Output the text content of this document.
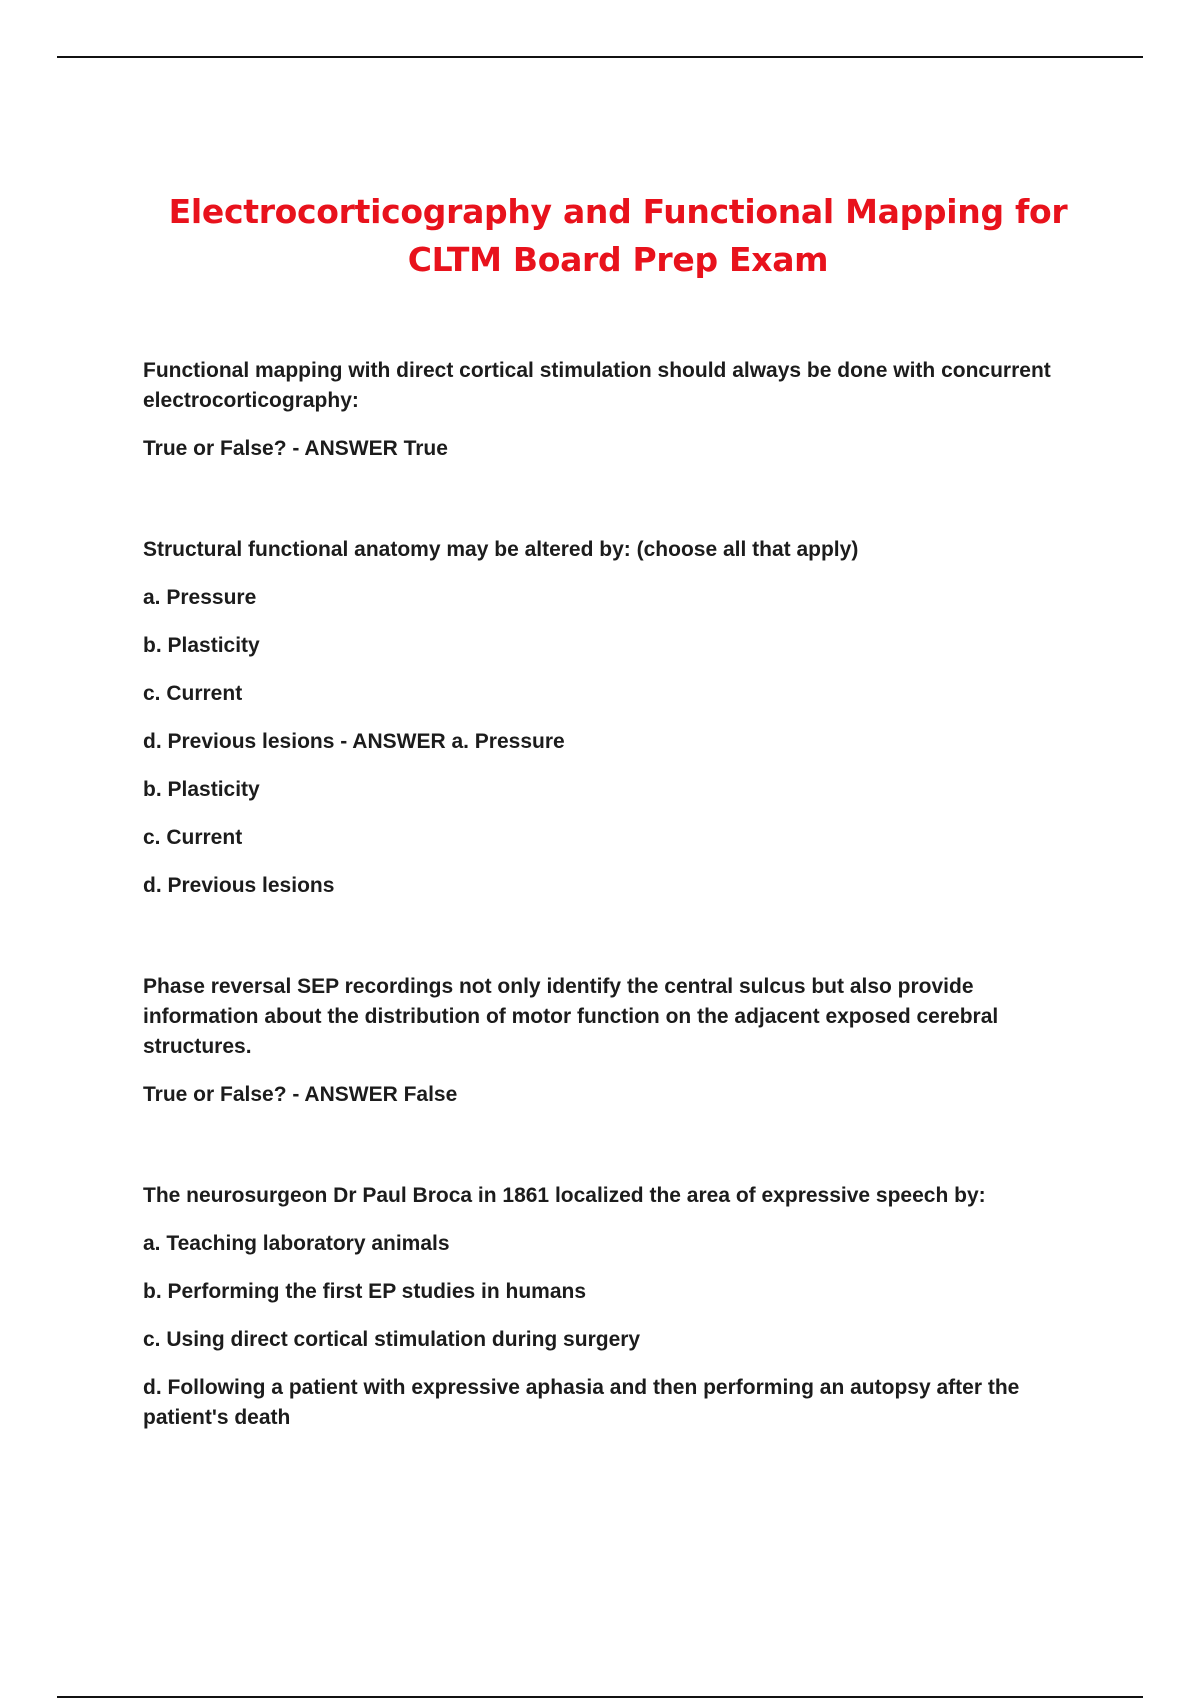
Electrocorticography and Functional Mapping for
CLTM Board Prep Exam

Functional mapping with direct cortical stimulation should always be done with concurrent electrocorticography:

True or False? - ANSWER True

Structural functional anatomy may be altered by: (choose all that apply)

a. Pressure

b. Plasticity

c. Current

d. Previous lesions - ANSWER a. Pressure

b. Plasticity

c. Current

d. Previous lesions

Phase reversal SEP recordings not only identify the central sulcus but also provide information about the distribution of motor function on the adjacent exposed cerebral structures.

True or False? - ANSWER False

The neurosurgeon Dr Paul Broca in 1861 localized the area of expressive speech by:

a. Teaching laboratory animals

b. Performing the first EP studies in humans

c. Using direct cortical stimulation during surgery

d. Following a patient with expressive aphasia and then performing an autopsy after the patient's death
